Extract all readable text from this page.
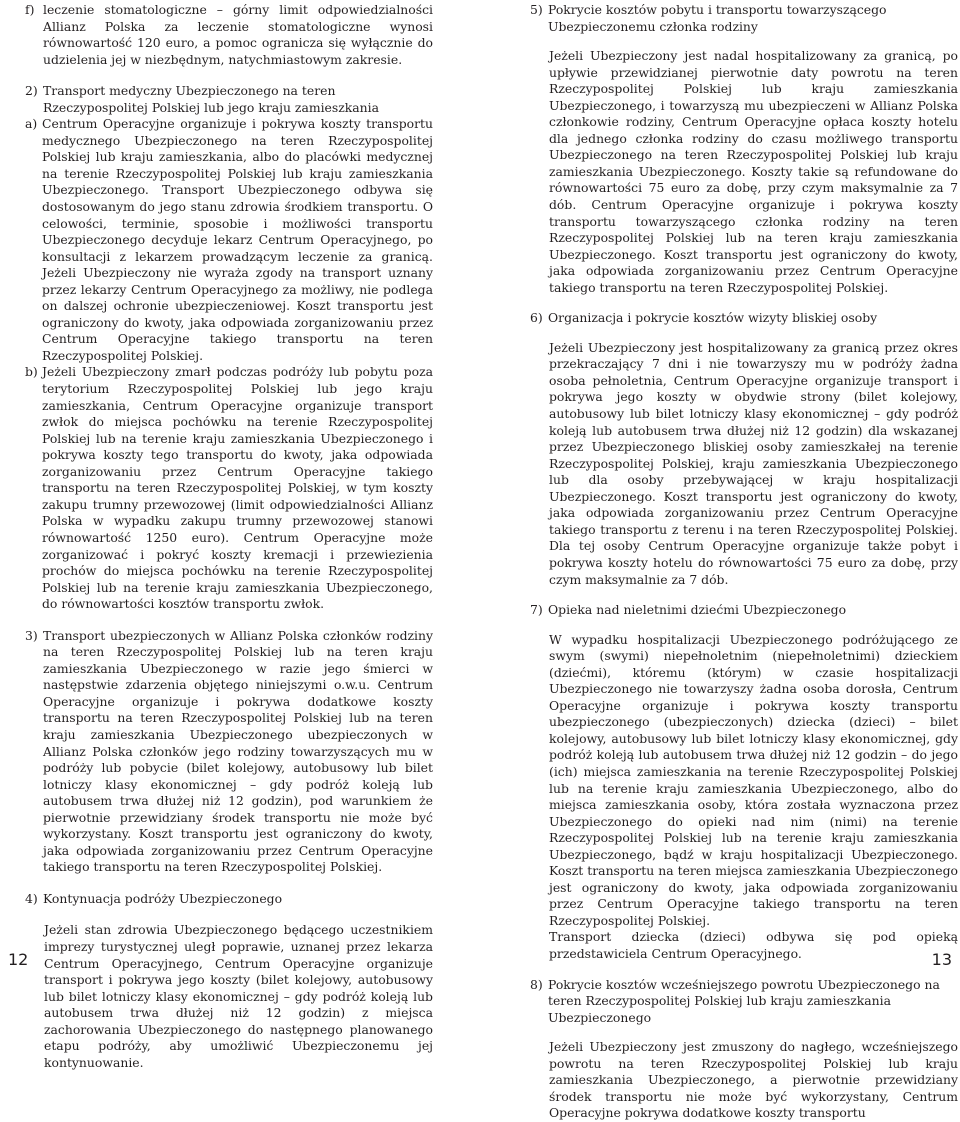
f) leczenie stomatologiczne – górny limit odpowiedzialności Allianz Polska za leczenie stomatologiczne wynosi równowartość 120 euro, a pomoc ogranicza się wyłącznie do udzielenia jej w niezbędnym, natychmiastowym zakresie.

2) Transport medyczny Ubezpieczonego na teren Rzeczypospolitej Polskiej lub jego kraju zamieszkania

a) Centrum Operacyjne organizuje i pokrywa koszty transportu medycznego Ubezpieczonego na teren Rzeczypospolitej Polskiej lub kraju zamieszkania, albo do placówki medycznej na terenie Rzeczypospolitej Polskiej lub kraju zamieszkania Ubezpieczonego. Transport Ubezpieczonego odbywa się dostosowanym do jego stanu zdrowia środkiem transportu. O celowości, terminie, sposobie i możliwości transportu Ubezpieczonego decyduje lekarz Centrum Operacyjnego, po konsultacji z lekarzem prowadzącym leczenie za granicą. Jeżeli Ubezpieczony nie wyraża zgody na transport uznany przez lekarzy Centrum Operacyjnego za możliwy, nie podlega on dalszej ochronie ubezpieczeniowej. Koszt transportu jest ograniczony do kwoty, jaka odpowiada zorganizowaniu przez Centrum Operacyjne takiego transportu na teren Rzeczypospolitej Polskiej.

b) Jeżeli Ubezpieczony zmarł podczas podróży lub pobytu poza terytorium Rzeczypospolitej Polskiej lub jego kraju zamieszkania, Centrum Operacyjne organizuje transport zwłok do miejsca pochówku na terenie Rzeczypospolitej Polskiej lub na terenie kraju zamieszkania Ubezpieczonego i pokrywa koszty tego transportu do kwoty, jaka odpowiada zorganizowaniu przez Centrum Operacyjne takiego transportu na teren Rzeczypospolitej Polskiej, w tym koszty zakupu trumny przewozowej (limit odpowiedzialności Allianz Polska w wypadku zakupu trumny przewozowej stanowi równowartość 1250 euro). Centrum Operacyjne może zorganizować i pokryć koszty kremacji i przewiezienia prochów do miejsca pochówku na terenie Rzeczypospolitej Polskiej lub na terenie kraju zamieszkania Ubezpieczonego, do równowartości kosztów transportu zwłok.

3) Transport ubezpieczonych w Allianz Polska członków rodziny na teren Rzeczypospolitej Polskiej lub na teren kraju zamieszkania Ubezpieczonego w razie jego śmierci w następstwie zdarzenia objętego niniejszymi o.w.u. Centrum Operacyjne organizuje i pokrywa dodatkowe koszty transportu na teren Rzeczypospolitej Polskiej lub na teren kraju zamieszkania Ubezpieczonego ubezpieczonych w Allianz Polska członków jego rodziny towarzyszących mu w podróży lub pobycie (bilet kolejowy, autobusowy lub bilet lotniczy klasy ekonomicznej – gdy podróż koleją lub autobusem trwa dłużej niż 12 godzin), pod warunkiem że pierwotnie przewidziany środek transportu nie może być wykorzystany. Koszt transportu jest ograniczony do kwoty, jaka odpowiada zorganizowaniu przez Centrum Operacyjne takiego transportu na teren Rzeczypospolitej Polskiej.

4) Kontynuacja podróży Ubezpieczonego

Jeżeli stan zdrowia Ubezpieczonego będącego uczestnikiem imprezy turystycznej uległ poprawie, uznanej przez lekarza Centrum Operacyjnego, Centrum Operacyjne organizuje transport i pokrywa jego koszty (bilet kolejowy, autobusowy lub bilet lotniczy klasy ekonomicznej – gdy podróż koleją lub autobusem trwa dłużej niż 12 godzin) z miejsca zachorowania Ubezpieczonego do następnego planowanego etapu podróży, aby umożliwić Ubezpieczonemu jej kontynuowanie.

5) Pokrycie kosztów pobytu i transportu towarzyszącego Ubezpieczonemu członka rodziny

Jeżeli Ubezpieczony jest nadal hospitalizowany za granicą, po upływie przewidzianej pierwotnie daty powrotu na teren Rzeczypospolitej Polskiej lub kraju zamieszkania Ubezpieczonego, i towarzyszą mu ubezpieczeni w Allianz Polska członkowie rodziny, Centrum Operacyjne opłaca koszty hotelu dla jednego członka rodziny do czasu możliwego transportu Ubezpieczonego na teren Rzeczypospolitej Polskiej lub kraju zamieszkania Ubezpieczonego. Koszty takie są refundowane do równowartości 75 euro za dobę, przy czym maksymalnie za 7 dób. Centrum Operacyjne organizuje i pokrywa koszty transportu towarzyszącego członka rodziny na teren Rzeczypospolitej Polskiej lub na teren kraju zamieszkania Ubezpieczonego. Koszt transportu jest ograniczony do kwoty, jaka odpowiada zorganizowaniu przez Centrum Operacyjne takiego transportu na teren Rzeczypospolitej Polskiej.

6) Organizacja i pokrycie kosztów wizyty bliskiej osoby

Jeżeli Ubezpieczony jest hospitalizowany za granicą przez okres przekraczający 7 dni i nie towarzyszy mu w podróży żadna osoba pełnoletnia, Centrum Operacyjne organizuje transport i pokrywa jego koszty w obydwie strony (bilet kolejowy, autobusowy lub bilet lotniczy klasy ekonomicznej – gdy podróż koleją lub autobusem trwa dłużej niż 12 godzin) dla wskazanej przez Ubezpieczonego bliskiej osoby zamieszkałej na terenie Rzeczypospolitej Polskiej, kraju zamieszkania Ubezpieczonego lub dla osoby przebywającej w kraju hospitalizacji Ubezpieczonego. Koszt transportu jest ograniczony do kwoty, jaka odpowiada zorganizowaniu przez Centrum Operacyjne takiego transportu z terenu i na teren Rzeczypospolitej Polskiej. Dla tej osoby Centrum Operacyjne organizuje także pobyt i pokrywa koszty hotelu do równowartości 75 euro za dobę, przy czym maksymalnie za 7 dób.

7) Opieka nad nieletnimi dziećmi Ubezpieczonego

W wypadku hospitalizacji Ubezpieczonego podróżującego ze swym (swymi) niepełnoletnim (niepełnoletnimi) dzieckiem (dziećmi), któremu (którym) w czasie hospitalizacji Ubezpieczonego nie towarzyszy żadna osoba dorosła, Centrum Operacyjne organizuje i pokrywa koszty transportu ubezpieczonego (ubezpieczonych) dziecka (dzieci) – bilet kolejowy, autobusowy lub bilet lotniczy klasy ekonomicznej, gdy podróż koleją lub autobusem trwa dłużej niż 12 godzin – do jego (ich) miejsca zamieszkania na terenie Rzeczypospolitej Polskiej lub na terenie kraju zamieszkania Ubezpieczonego, albo do miejsca zamieszkania osoby, która została wyznaczona przez Ubezpieczonego do opieki nad nim (nimi) na terenie Rzeczypospolitej Polskiej lub na terenie kraju zamieszkania Ubezpieczonego, bądź w kraju hospitalizacji Ubezpieczonego. Koszt transportu na teren miejsca zamieszkania Ubezpieczonego jest ograniczony do kwoty, jaka odpowiada zorganizowaniu przez Centrum Operacyjne takiego transportu na teren Rzeczypospolitej Polskiej.

Transport dziecka (dzieci) odbywa się pod opieką przedstawiciela Centrum Operacyjnego.

8) Pokrycie kosztów wcześniejszego powrotu Ubezpieczonego na teren Rzeczypospolitej Polskiej lub kraju zamieszkania Ubezpieczonego

Jeżeli Ubezpieczony jest zmuszony do nagłego, wcześniejszego powrotu na teren Rzeczypospolitej Polskiej lub kraju zamieszkania Ubezpieczonego, a pierwotnie przewidziany środek transportu nie może być wykorzystany, Centrum Operacyjne pokrywa dodatkowe koszty transportu

12	13
